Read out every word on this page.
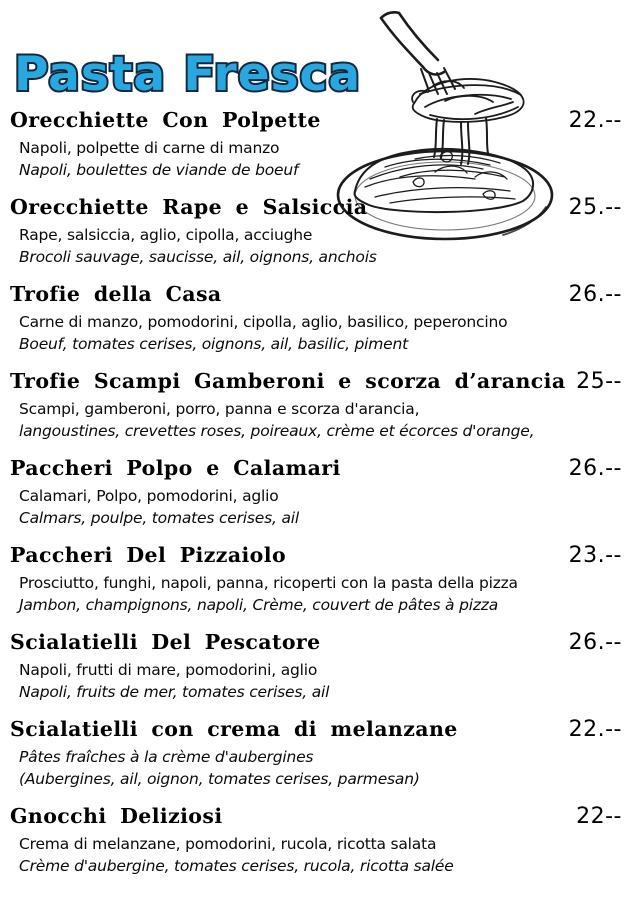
Pasta Fresca Pasta Fresca
Orecchiette Con Polpette	22.--
Napoli, polpette di carne di manzo
Napoli, boulettes de viande de boeuf
Orecchiette Rape e Salsiccia	25.--
Rape, salsiccia, aglio, cipolla, acciughe
Brocoli sauvage, saucisse, ail, oignons, anchois
Trofie della Casa	26.--
Carne di manzo, pomodorini, cipolla, aglio, basilico, peperoncino
Boeuf, tomates cerises, oignons, ail, basilic, piment
Trofie Scampi Gamberoni e scorza d’arancia 25--
Scampi, gamberoni, porro, panna e scorza d'arancia,
langoustines, crevettes roses, poireaux, crème et écorces d'orange,
Paccheri Polpo e Calamari	26.--
Calamari, Polpo, pomodorini, aglio
Calmars, poulpe, tomates cerises, ail
Paccheri Del Pizzaiolo	23.--
Prosciutto, funghi, napoli, panna, ricoperti con la pasta della pizza
Jambon, champignons, napoli, Crème, couvert de pâtes à pizza
Scialatielli Del Pescatore	26.--
Napoli, frutti di mare, pomodorini, aglio
Napoli, fruits de mer, tomates cerises, ail
Scialatielli con crema di melanzane	22.--
Pâtes fraîches à la crème d'aubergines
(Aubergines, ail, oignon, tomates cerises, parmesan)
Gnocchi Deliziosi	22--
Crema di melanzane, pomodorini, rucola, ricotta salata
Crème d'aubergine, tomates cerises, rucola, ricotta salée
